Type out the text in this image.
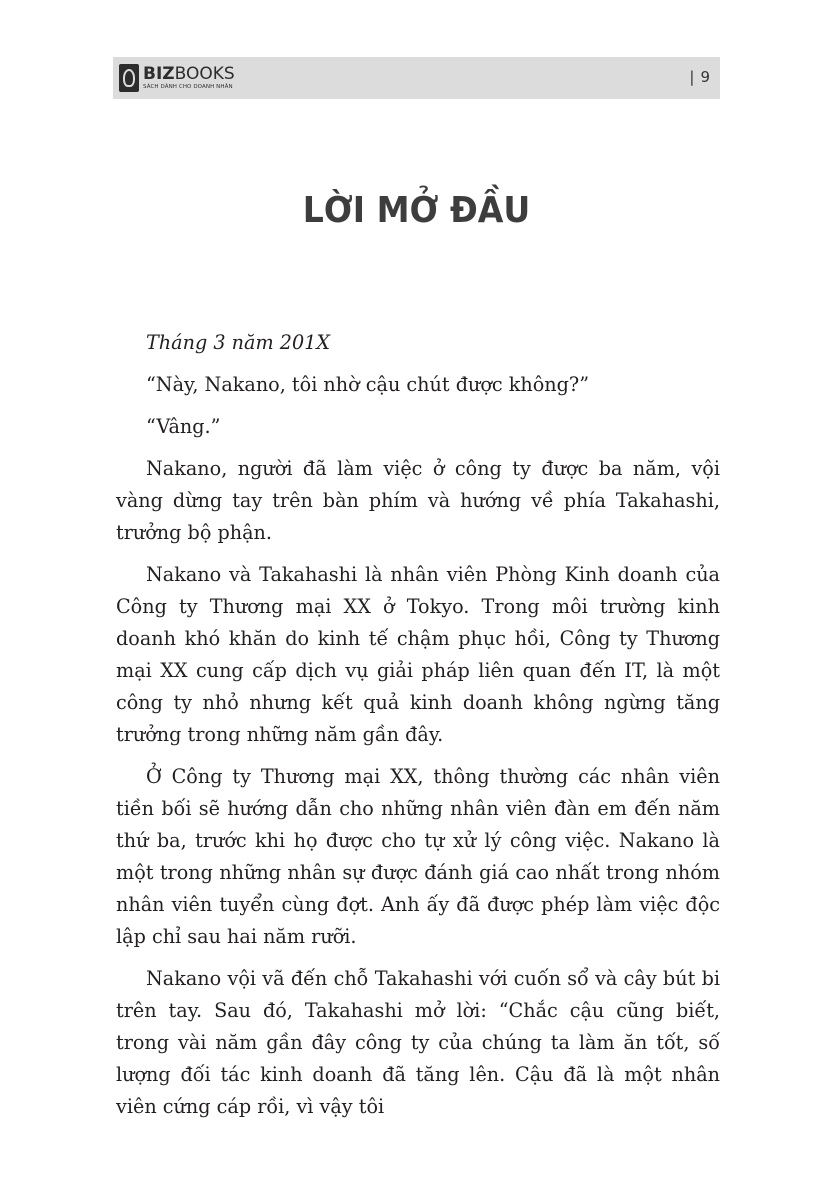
BIZBOOKS
SÁCH DÀNH CHO DOANH NHÂN
| 9
LỜI MỞ ĐẦU

Tháng 3 năm 201X

“Này, Nakano, tôi nhờ cậu chút được không?”

“Vâng.”

Nakano, người đã làm việc ở công ty được ba năm, vội vàng dừng tay trên bàn phím và hướng về phía Takahashi, trưởng bộ phận.

Nakano và Takahashi là nhân viên Phòng Kinh doanh của Công ty Thương mại XX ở Tokyo. Trong môi trường kinh doanh khó khăn do kinh tế chậm phục hồi, Công ty Thương mại XX cung cấp dịch vụ giải pháp liên quan đến IT, là một công ty nhỏ nhưng kết quả kinh doanh không ngừng tăng trưởng trong những năm gần đây.

Ở Công ty Thương mại XX, thông thường các nhân viên tiền bối sẽ hướng dẫn cho những nhân viên đàn em đến năm thứ ba, trước khi họ được cho tự xử lý công việc. Nakano là một trong những nhân sự được đánh giá cao nhất trong nhóm nhân viên tuyển cùng đợt. Anh ấy đã được phép làm việc độc lập chỉ sau hai năm rưỡi.

Nakano vội vã đến chỗ Takahashi với cuốn sổ và cây bút bi trên tay. Sau đó, Takahashi mở lời: “Chắc cậu cũng biết, trong vài năm gần đây công ty của chúng ta làm ăn tốt, số lượng đối tác kinh doanh đã tăng lên. Cậu đã là một nhân viên cứng cáp rồi, vì vậy tôi
